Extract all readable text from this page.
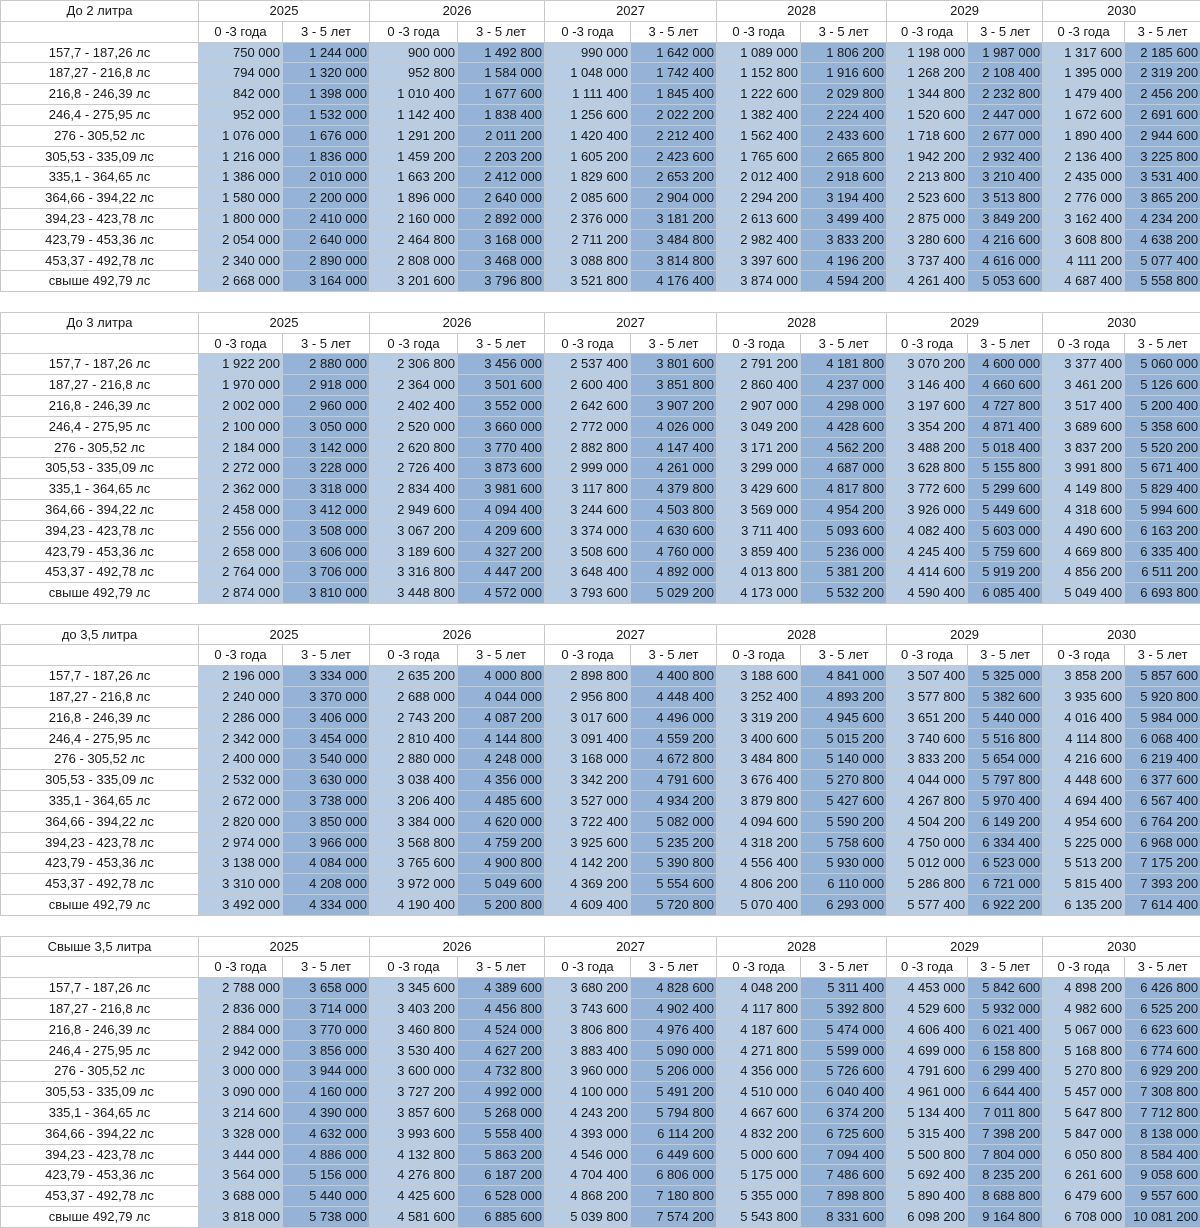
До 2 литра	2025		2026		2027		2028		2029		2030	
	0 -3 года	3 - 5 лет	0 -3 года	3 - 5 лет	0 -3 года	3 - 5 лет	0 -3 года	3 - 5 лет	0 -3 года	3 - 5 лет	0 -3 года	3 - 5 лет
157,7 - 187,26 лс	750 000	1 244 000	900 000	1 492 800	990 000	1 642 000	1 089 000	1 806 200	1 198 000	1 987 000	1 317 600	2 185 600
187,27 - 216,8 лс	794 000	1 320 000	952 800	1 584 000	1 048 000	1 742 400	1 152 800	1 916 600	1 268 200	2 108 400	1 395 000	2 319 200
216,8 - 246,39 лс	842 000	1 398 000	1 010 400	1 677 600	1 111 400	1 845 400	1 222 600	2 029 800	1 344 800	2 232 800	1 479 400	2 456 200
246,4 - 275,95 лс	952 000	1 532 000	1 142 400	1 838 400	1 256 600	2 022 200	1 382 400	2 224 400	1 520 600	2 447 000	1 672 600	2 691 600
276 - 305,52 лс	1 076 000	1 676 000	1 291 200	2 011 200	1 420 400	2 212 400	1 562 400	2 433 600	1 718 600	2 677 000	1 890 400	2 944 600
305,53 - 335,09 лс	1 216 000	1 836 000	1 459 200	2 203 200	1 605 200	2 423 600	1 765 600	2 665 800	1 942 200	2 932 400	2 136 400	3 225 800
335,1 - 364,65 лс	1 386 000	2 010 000	1 663 200	2 412 000	1 829 600	2 653 200	2 012 400	2 918 600	2 213 800	3 210 400	2 435 000	3 531 400
364,66 - 394,22 лс	1 580 000	2 200 000	1 896 000	2 640 000	2 085 600	2 904 000	2 294 200	3 194 400	2 523 600	3 513 800	2 776 000	3 865 200
394,23 - 423,78 лс	1 800 000	2 410 000	2 160 000	2 892 000	2 376 000	3 181 200	2 613 600	3 499 400	2 875 000	3 849 200	3 162 400	4 234 200
423,79 - 453,36 лс	2 054 000	2 640 000	2 464 800	3 168 000	2 711 200	3 484 800	2 982 400	3 833 200	3 280 600	4 216 600	3 608 800	4 638 200
453,37 - 492,78 лс	2 340 000	2 890 000	2 808 000	3 468 000	3 088 800	3 814 800	3 397 600	4 196 200	3 737 400	4 616 000	4 111 200	5 077 400
свыше 492,79 лс	2 668 000	3 164 000	3 201 600	3 796 800	3 521 800	4 176 400	3 874 000	4 594 200	4 261 400	5 053 600	4 687 400	5 558 800

До 3 литра	2025		2026		2027		2028		2029		2030	
	0 -3 года	3 - 5 лет	0 -3 года	3 - 5 лет	0 -3 года	3 - 5 лет	0 -3 года	3 - 5 лет	0 -3 года	3 - 5 лет	0 -3 года	3 - 5 лет
157,7 - 187,26 лс	1 922 200	2 880 000	2 306 800	3 456 000	2 537 400	3 801 600	2 791 200	4 181 800	3 070 200	4 600 000	3 377 400	5 060 000
187,27 - 216,8 лс	1 970 000	2 918 000	2 364 000	3 501 600	2 600 400	3 851 800	2 860 400	4 237 000	3 146 400	4 660 600	3 461 200	5 126 600
216,8 - 246,39 лс	2 002 000	2 960 000	2 402 400	3 552 000	2 642 600	3 907 200	2 907 000	4 298 000	3 197 600	4 727 800	3 517 400	5 200 400
246,4 - 275,95 лс	2 100 000	3 050 000	2 520 000	3 660 000	2 772 000	4 026 000	3 049 200	4 428 600	3 354 200	4 871 400	3 689 600	5 358 600
276 - 305,52 лс	2 184 000	3 142 000	2 620 800	3 770 400	2 882 800	4 147 400	3 171 200	4 562 200	3 488 200	5 018 400	3 837 200	5 520 200
305,53 - 335,09 лс	2 272 000	3 228 000	2 726 400	3 873 600	2 999 000	4 261 000	3 299 000	4 687 000	3 628 800	5 155 800	3 991 800	5 671 400
335,1 - 364,65 лс	2 362 000	3 318 000	2 834 400	3 981 600	3 117 800	4 379 800	3 429 600	4 817 800	3 772 600	5 299 600	4 149 800	5 829 400
364,66 - 394,22 лс	2 458 000	3 412 000	2 949 600	4 094 400	3 244 600	4 503 800	3 569 000	4 954 200	3 926 000	5 449 600	4 318 600	5 994 600
394,23 - 423,78 лс	2 556 000	3 508 000	3 067 200	4 209 600	3 374 000	4 630 600	3 711 400	5 093 600	4 082 400	5 603 000	4 490 600	6 163 200
423,79 - 453,36 лс	2 658 000	3 606 000	3 189 600	4 327 200	3 508 600	4 760 000	3 859 400	5 236 000	4 245 400	5 759 600	4 669 800	6 335 400
453,37 - 492,78 лс	2 764 000	3 706 000	3 316 800	4 447 200	3 648 400	4 892 000	4 013 800	5 381 200	4 414 600	5 919 200	4 856 200	6 511 200
свыше 492,79 лс	2 874 000	3 810 000	3 448 800	4 572 000	3 793 600	5 029 200	4 173 000	5 532 200	4 590 400	6 085 400	5 049 400	6 693 800

до 3,5 литра	2025		2026		2027		2028		2029		2030	
	0 -3 года	3 - 5 лет	0 -3 года	3 - 5 лет	0 -3 года	3 - 5 лет	0 -3 года	3 - 5 лет	0 -3 года	3 - 5 лет	0 -3 года	3 - 5 лет
157,7 - 187,26 лс	2 196 000	3 334 000	2 635 200	4 000 800	2 898 800	4 400 800	3 188 600	4 841 000	3 507 400	5 325 000	3 858 200	5 857 600
187,27 - 216,8 лс	2 240 000	3 370 000	2 688 000	4 044 000	2 956 800	4 448 400	3 252 400	4 893 200	3 577 800	5 382 600	3 935 600	5 920 800
216,8 - 246,39 лс	2 286 000	3 406 000	2 743 200	4 087 200	3 017 600	4 496 000	3 319 200	4 945 600	3 651 200	5 440 000	4 016 400	5 984 000
246,4 - 275,95 лс	2 342 000	3 454 000	2 810 400	4 144 800	3 091 400	4 559 200	3 400 600	5 015 200	3 740 600	5 516 800	4 114 800	6 068 400
276 - 305,52 лс	2 400 000	3 540 000	2 880 000	4 248 000	3 168 000	4 672 800	3 484 800	5 140 000	3 833 200	5 654 000	4 216 600	6 219 400
305,53 - 335,09 лс	2 532 000	3 630 000	3 038 400	4 356 000	3 342 200	4 791 600	3 676 400	5 270 800	4 044 000	5 797 800	4 448 600	6 377 600
335,1 - 364,65 лс	2 672 000	3 738 000	3 206 400	4 485 600	3 527 000	4 934 200	3 879 800	5 427 600	4 267 800	5 970 400	4 694 400	6 567 400
364,66 - 394,22 лс	2 820 000	3 850 000	3 384 000	4 620 000	3 722 400	5 082 000	4 094 600	5 590 200	4 504 200	6 149 200	4 954 600	6 764 200
394,23 - 423,78 лс	2 974 000	3 966 000	3 568 800	4 759 200	3 925 600	5 235 200	4 318 200	5 758 600	4 750 000	6 334 400	5 225 000	6 968 000
423,79 - 453,36 лс	3 138 000	4 084 000	3 765 600	4 900 800	4 142 200	5 390 800	4 556 400	5 930 000	5 012 000	6 523 000	5 513 200	7 175 200
453,37 - 492,78 лс	3 310 000	4 208 000	3 972 000	5 049 600	4 369 200	5 554 600	4 806 200	6 110 000	5 286 800	6 721 000	5 815 400	7 393 200
свыше 492,79 лс	3 492 000	4 334 000	4 190 400	5 200 800	4 609 400	5 720 800	5 070 400	6 293 000	5 577 400	6 922 200	6 135 200	7 614 400

Свыше 3,5 литра	2025		2026		2027		2028		2029		2030	
	0 -3 года	3 - 5 лет	0 -3 года	3 - 5 лет	0 -3 года	3 - 5 лет	0 -3 года	3 - 5 лет	0 -3 года	3 - 5 лет	0 -3 года	3 - 5 лет
157,7 - 187,26 лс	2 788 000	3 658 000	3 345 600	4 389 600	3 680 200	4 828 600	4 048 200	5 311 400	4 453 000	5 842 600	4 898 200	6 426 800
187,27 - 216,8 лс	2 836 000	3 714 000	3 403 200	4 456 800	3 743 600	4 902 400	4 117 800	5 392 800	4 529 600	5 932 000	4 982 600	6 525 200
216,8 - 246,39 лс	2 884 000	3 770 000	3 460 800	4 524 000	3 806 800	4 976 400	4 187 600	5 474 000	4 606 400	6 021 400	5 067 000	6 623 600
246,4 - 275,95 лс	2 942 000	3 856 000	3 530 400	4 627 200	3 883 400	5 090 000	4 271 800	5 599 000	4 699 000	6 158 800	5 168 800	6 774 600
276 - 305,52 лс	3 000 000	3 944 000	3 600 000	4 732 800	3 960 000	5 206 000	4 356 000	5 726 600	4 791 600	6 299 400	5 270 800	6 929 200
305,53 - 335,09 лс	3 090 000	4 160 000	3 727 200	4 992 000	4 100 000	5 491 200	4 510 000	6 040 400	4 961 000	6 644 400	5 457 000	7 308 800
335,1 - 364,65 лс	3 214 600	4 390 000	3 857 600	5 268 000	4 243 200	5 794 800	4 667 600	6 374 200	5 134 400	7 011 800	5 647 800	7 712 800
364,66 - 394,22 лс	3 328 000	4 632 000	3 993 600	5 558 400	4 393 000	6 114 200	4 832 200	6 725 600	5 315 400	7 398 200	5 847 000	8 138 000
394,23 - 423,78 лс	3 444 000	4 886 000	4 132 800	5 863 200	4 546 000	6 449 600	5 000 600	7 094 400	5 500 800	7 804 000	6 050 800	8 584 400
423,79 - 453,36 лс	3 564 000	5 156 000	4 276 800	6 187 200	4 704 400	6 806 000	5 175 000	7 486 600	5 692 400	8 235 200	6 261 600	9 058 600
453,37 - 492,78 лс	3 688 000	5 440 000	4 425 600	6 528 000	4 868 200	7 180 800	5 355 000	7 898 800	5 890 400	8 688 800	6 479 600	9 557 600
свыше 492,79 лс	3 818 000	5 738 000	4 581 600	6 885 600	5 039 800	7 574 200	5 543 800	8 331 600	6 098 200	9 164 800	6 708 000	10 081 200
